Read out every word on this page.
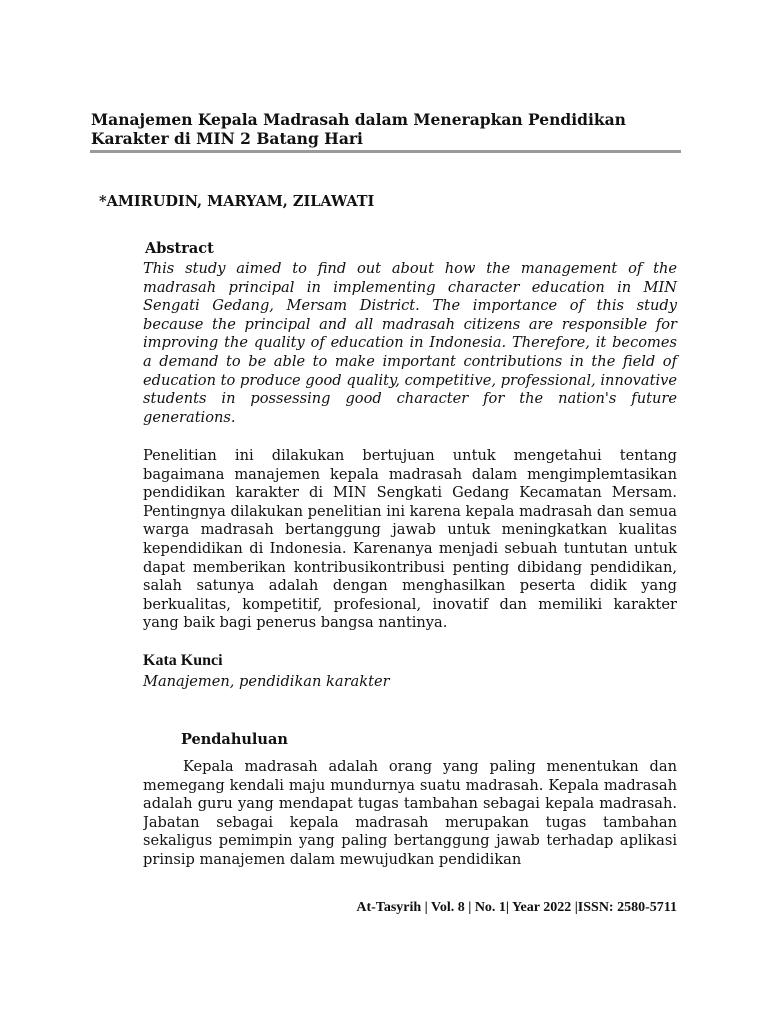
Manajemen Kepala Madrasah dalam Menerapkan Pendidikan
Karakter di MIN 2 Batang Hari
*AMIRUDIN, MARYAM, ZILAWATI
Abstract
This study aimed to find out about how the management of the madrasah principal in implementing character education in MIN Sengati Gedang, Mersam District. The importance of this study because the principal and all madrasah citizens are responsible for improving the quality of education in Indonesia. Therefore, it becomes a demand to be able to make important contributions in the field of education to produce good quality, competitive, professional, innovative students in possessing good character for the nation's future generations.
Penelitian ini dilakukan bertujuan untuk mengetahui tentang bagaimana manajemen kepala madrasah dalam mengimplemtasikan pendidikan karakter di MIN Sengkati Gedang Kecamatan Mersam. Pentingnya dilakukan penelitian ini karena kepala madrasah dan semua warga madrasah bertanggung jawab untuk meningkatkan kualitas kependidikan di Indonesia. Karenanya menjadi sebuah tuntutan untuk dapat memberikan kontribusikontribusi penting dibidang pendidikan, salah satunya adalah dengan menghasilkan peserta didik yang berkualitas, kompetitif, profesional, inovatif dan memiliki karakter yang baik bagi penerus bangsa nantinya.
Kata Kunci
Manajemen, pendidikan karakter
Pendahuluan
Kepala madrasah adalah orang yang paling menentukan dan memegang kendali maju mundurnya suatu madrasah. Kepala madrasah adalah guru yang mendapat tugas tambahan sebagai kepala madrasah. Jabatan sebagai kepala madrasah merupakan tugas tambahan sekaligus pemimpin yang paling bertanggung jawab terhadap aplikasi prinsip manajemen dalam mewujudkan pendidikan
At-Tasyrih | Vol. 8 | No. 1| Year 2022 |ISSN: 2580-5711
